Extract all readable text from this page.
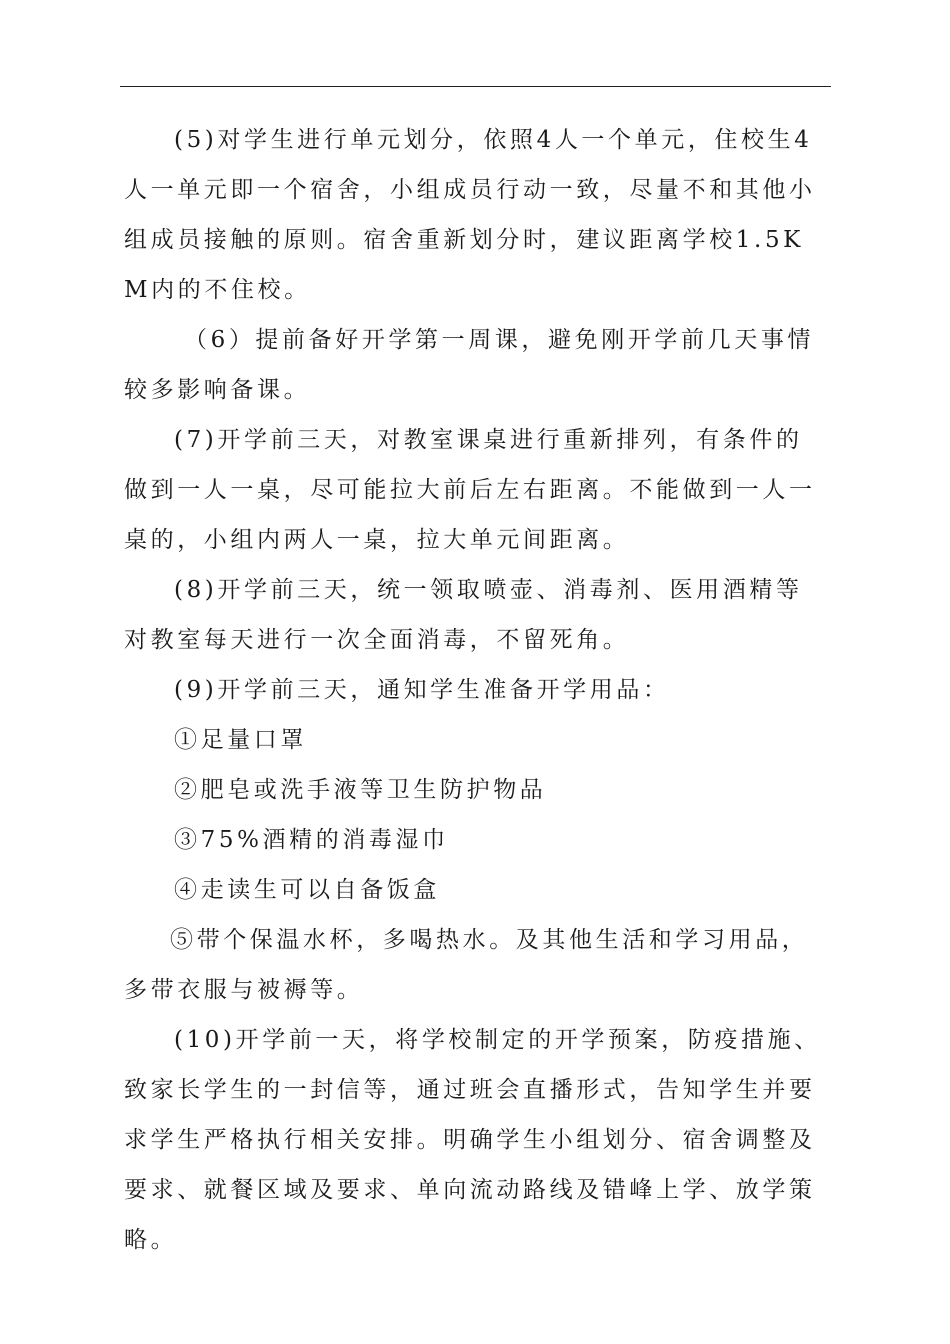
(5)对学生进行单元划分，依照4人一个单元，住校生4人一单元即一个宿舍，小组成员行动一致，尽量不和其他小组成员接触的原则。宿舍重新划分时，建议距离学校1.5KM内的不住校。

（6）提前备好开学第一周课，避免刚开学前几天事情较多影响备课。

(7)开学前三天，对教室课桌进行重新排列，有条件的做到一人一桌，尽可能拉大前后左右距离。不能做到一人一桌的，小组内两人一桌，拉大单元间距离。

(8)开学前三天，统一领取喷壶、消毒剂、医用酒精等对教室每天进行一次全面消毒，不留死角。

(9)开学前三天，通知学生准备开学用品：

①足量口罩

②肥皂或洗手液等卫生防护物品

③75%酒精的消毒湿巾

④走读生可以自备饭盒

⑤带个保温水杯，多喝热水。及其他生活和学习用品，多带衣服与被褥等。

(10)开学前一天，将学校制定的开学预案，防疫措施、致家长学生的一封信等，通过班会直播形式，告知学生并要求学生严格执行相关安排。明确学生小组划分、宿舍调整及要求、就餐区域及要求、单向流动路线及错峰上学、放学策略。
